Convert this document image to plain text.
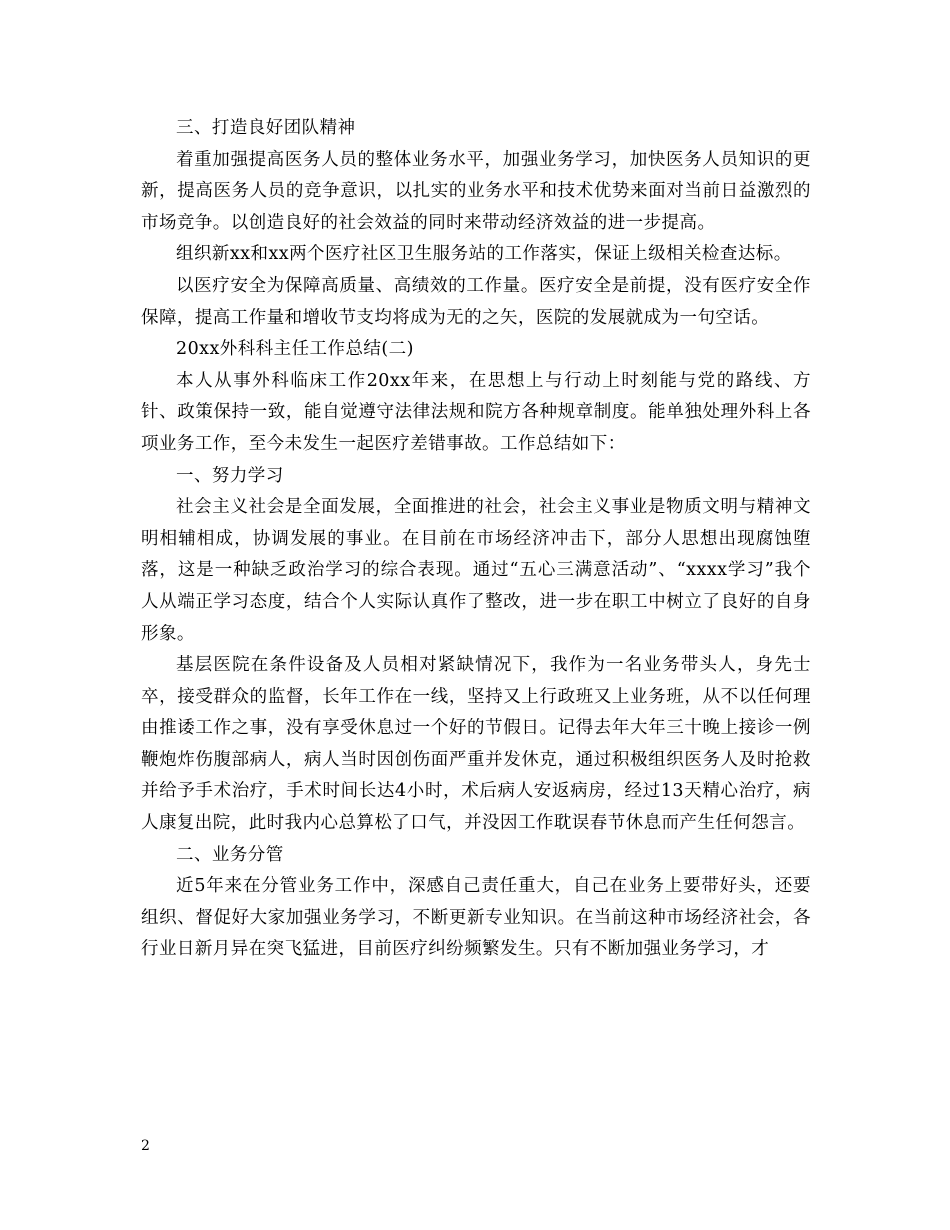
三、打造良好团队精神

着重加强提高医务人员的整体业务水平，加强业务学习，加快医务人员知识的更新，提高医务人员的竞争意识，以扎实的业务水平和技术优势来面对当前日益激烈的市场竞争。以创造良好的社会效益的同时来带动经济效益的进一步提高。

组织新xx和xx两个医疗社区卫生服务站的工作落实，保证上级相关检查达标。

以医疗安全为保障高质量、高绩效的工作量。医疗安全是前提，没有医疗安全作保障，提高工作量和增收节支均将成为无的之矢，医院的发展就成为一句空话。

20xx外科科主任工作总结(二)

本人从事外科临床工作20xx年来，在思想上与行动上时刻能与党的路线、方针、政策保持一致，能自觉遵守法律法规和院方各种规章制度。能单独处理外科上各项业务工作，至今未发生一起医疗差错事故。工作总结如下：

一、努力学习

社会主义社会是全面发展，全面推进的社会，社会主义事业是物质文明与精神文明相辅相成，协调发展的事业。在目前在市场经济冲击下，部分人思想出现腐蚀堕落，这是一种缺乏政治学习的综合表现。通过“五心三满意活动”、“xxxx学习”我个人从端正学习态度，结合个人实际认真作了整改，进一步在职工中树立了良好的自身形象。

基层医院在条件设备及人员相对紧缺情况下，我作为一名业务带头人，身先士卒，接受群众的监督，长年工作在一线，坚持又上行政班又上业务班，从不以任何理由推诿工作之事，没有享受休息过一个好的节假日。记得去年大年三十晚上接诊一例鞭炮炸伤腹部病人，病人当时因创伤面严重并发休克，通过积极组织医务人及时抢救并给予手术治疗，手术时间长达4小时，术后病人安返病房，经过13天精心治疗，病人康复出院，此时我内心总算松了口气，并没因工作耽误春节休息而产生任何怨言。

二、业务分管

近5年来在分管业务工作中，深感自己责任重大，自己在业务上要带好头，还要组织、督促好大家加强业务学习，不断更新专业知识。在当前这种市场经济社会，各行业日新月异在突飞猛进，目前医疗纠纷频繁发生。只有不断加强业务学习，才

2
